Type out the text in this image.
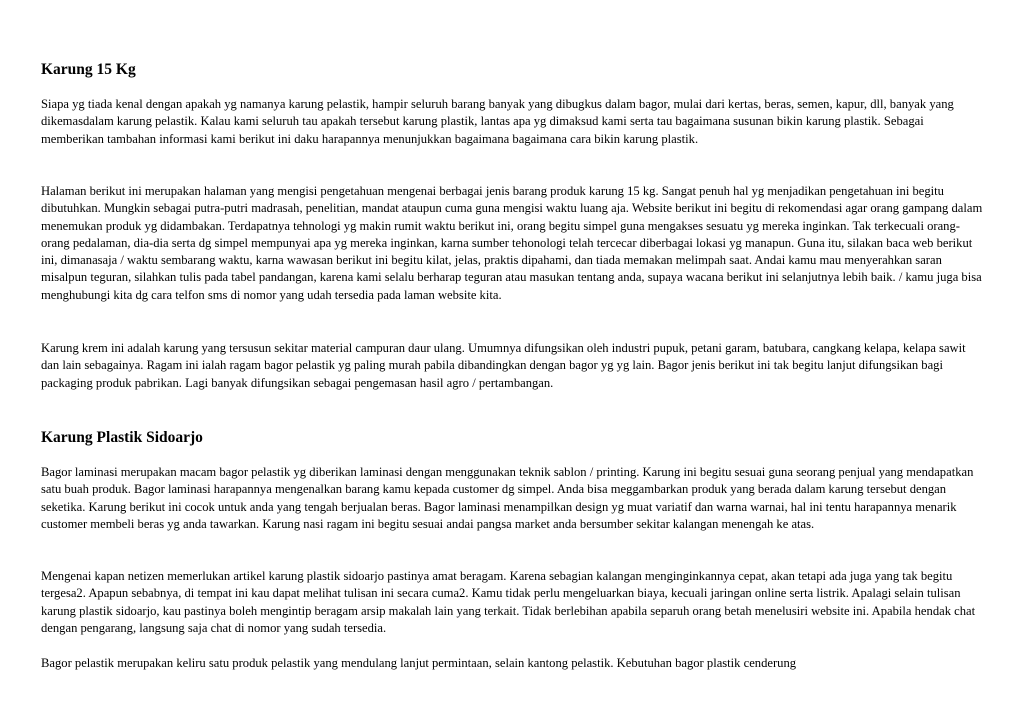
Karung 15 Kg

Siapa yg tiada kenal dengan apakah yg namanya karung pelastik, hampir seluruh barang banyak yang dibugkus dalam bagor, mulai dari kertas, beras, semen, kapur, dll, banyak yang dikemasdalam karung pelastik. Kalau kami seluruh tau apakah tersebut karung plastik, lantas apa yg dimaksud kami serta tau bagaimana susunan bikin karung plastik. Sebagai memberikan tambahan informasi kami berikut ini daku harapannya menunjukkan bagaimana bagaimana cara bikin karung plastik.

Halaman berikut ini merupakan halaman yang mengisi pengetahuan mengenai berbagai jenis barang produk karung 15 kg. Sangat penuh hal yg menjadikan pengetahuan ini begitu dibutuhkan. Mungkin sebagai putra-putri madrasah, penelitian, mandat ataupun cuma guna mengisi waktu luang aja. Website berikut ini begitu di rekomendasi agar orang gampang dalam menemukan produk yg didambakan. Terdapatnya tehnologi yg makin rumit waktu berikut ini, orang begitu simpel guna mengakses sesuatu yg mereka inginkan. Tak terkecuali orang-orang pedalaman, dia-dia serta dg simpel mempunyai apa yg mereka inginkan, karna sumber tehonologi telah tercecar diberbagai lokasi yg manapun. Guna itu, silakan baca web berikut ini, dimanasaja / waktu sembarang waktu, karna wawasan berikut ini begitu kilat, jelas, praktis dipahami, dan tiada memakan melimpah saat. Andai kamu mau menyerahkan saran misalpun teguran, silahkan tulis pada tabel pandangan, karena kami selalu berharap teguran atau masukan tentang anda, supaya wacana berikut ini selanjutnya lebih baik. / kamu juga bisa menghubungi kita dg cara telfon sms di nomor yang udah tersedia pada laman website kita.

Karung krem ini adalah karung yang tersusun sekitar material campuran daur ulang. Umumnya difungsikan oleh industri pupuk, petani garam, batubara, cangkang kelapa, kelapa sawit dan lain sebagainya. Ragam ini ialah ragam bagor pelastik yg paling murah pabila dibandingkan dengan bagor yg yg lain. Bagor jenis berikut ini tak begitu lanjut difungsikan bagi packaging produk pabrikan. Lagi banyak difungsikan sebagai pengemasan hasil agro / pertambangan.

Karung Plastik Sidoarjo

Bagor laminasi merupakan macam bagor pelastik yg diberikan laminasi dengan menggunakan teknik sablon / printing. Karung ini begitu sesuai guna seorang penjual yang mendapatkan satu buah produk. Bagor laminasi harapannya mengenalkan barang kamu kepada customer dg simpel. Anda bisa meggambarkan produk yang berada dalam karung tersebut dengan seketika. Karung berikut ini cocok untuk anda yang tengah berjualan beras. Bagor laminasi menampilkan design yg muat variatif dan warna warnai, hal ini tentu harapannya menarik customer membeli beras yg anda tawarkan. Karung nasi ragam ini begitu sesuai andai pangsa market anda bersumber sekitar kalangan menengah ke atas.

Mengenai kapan netizen memerlukan artikel karung plastik sidoarjo pastinya amat beragam. Karena sebagian kalangan menginginkannya cepat, akan tetapi ada juga yang tak begitu tergesa2. Apapun sebabnya, di tempat ini kau dapat melihat tulisan ini secara cuma2. Kamu tidak perlu mengeluarkan biaya, kecuali jaringan online serta listrik. Apalagi selain tulisan karung plastik sidoarjo, kau pastinya boleh mengintip beragam arsip makalah lain yang terkait. Tidak berlebihan apabila separuh orang betah menelusiri website ini. Apabila hendak chat dengan pengarang, langsung saja chat di nomor yang sudah tersedia.

Bagor pelastik merupakan keliru satu produk pelastik yang mendulang lanjut permintaan, selain kantong pelastik. Kebutuhan bagor plastik cenderung
